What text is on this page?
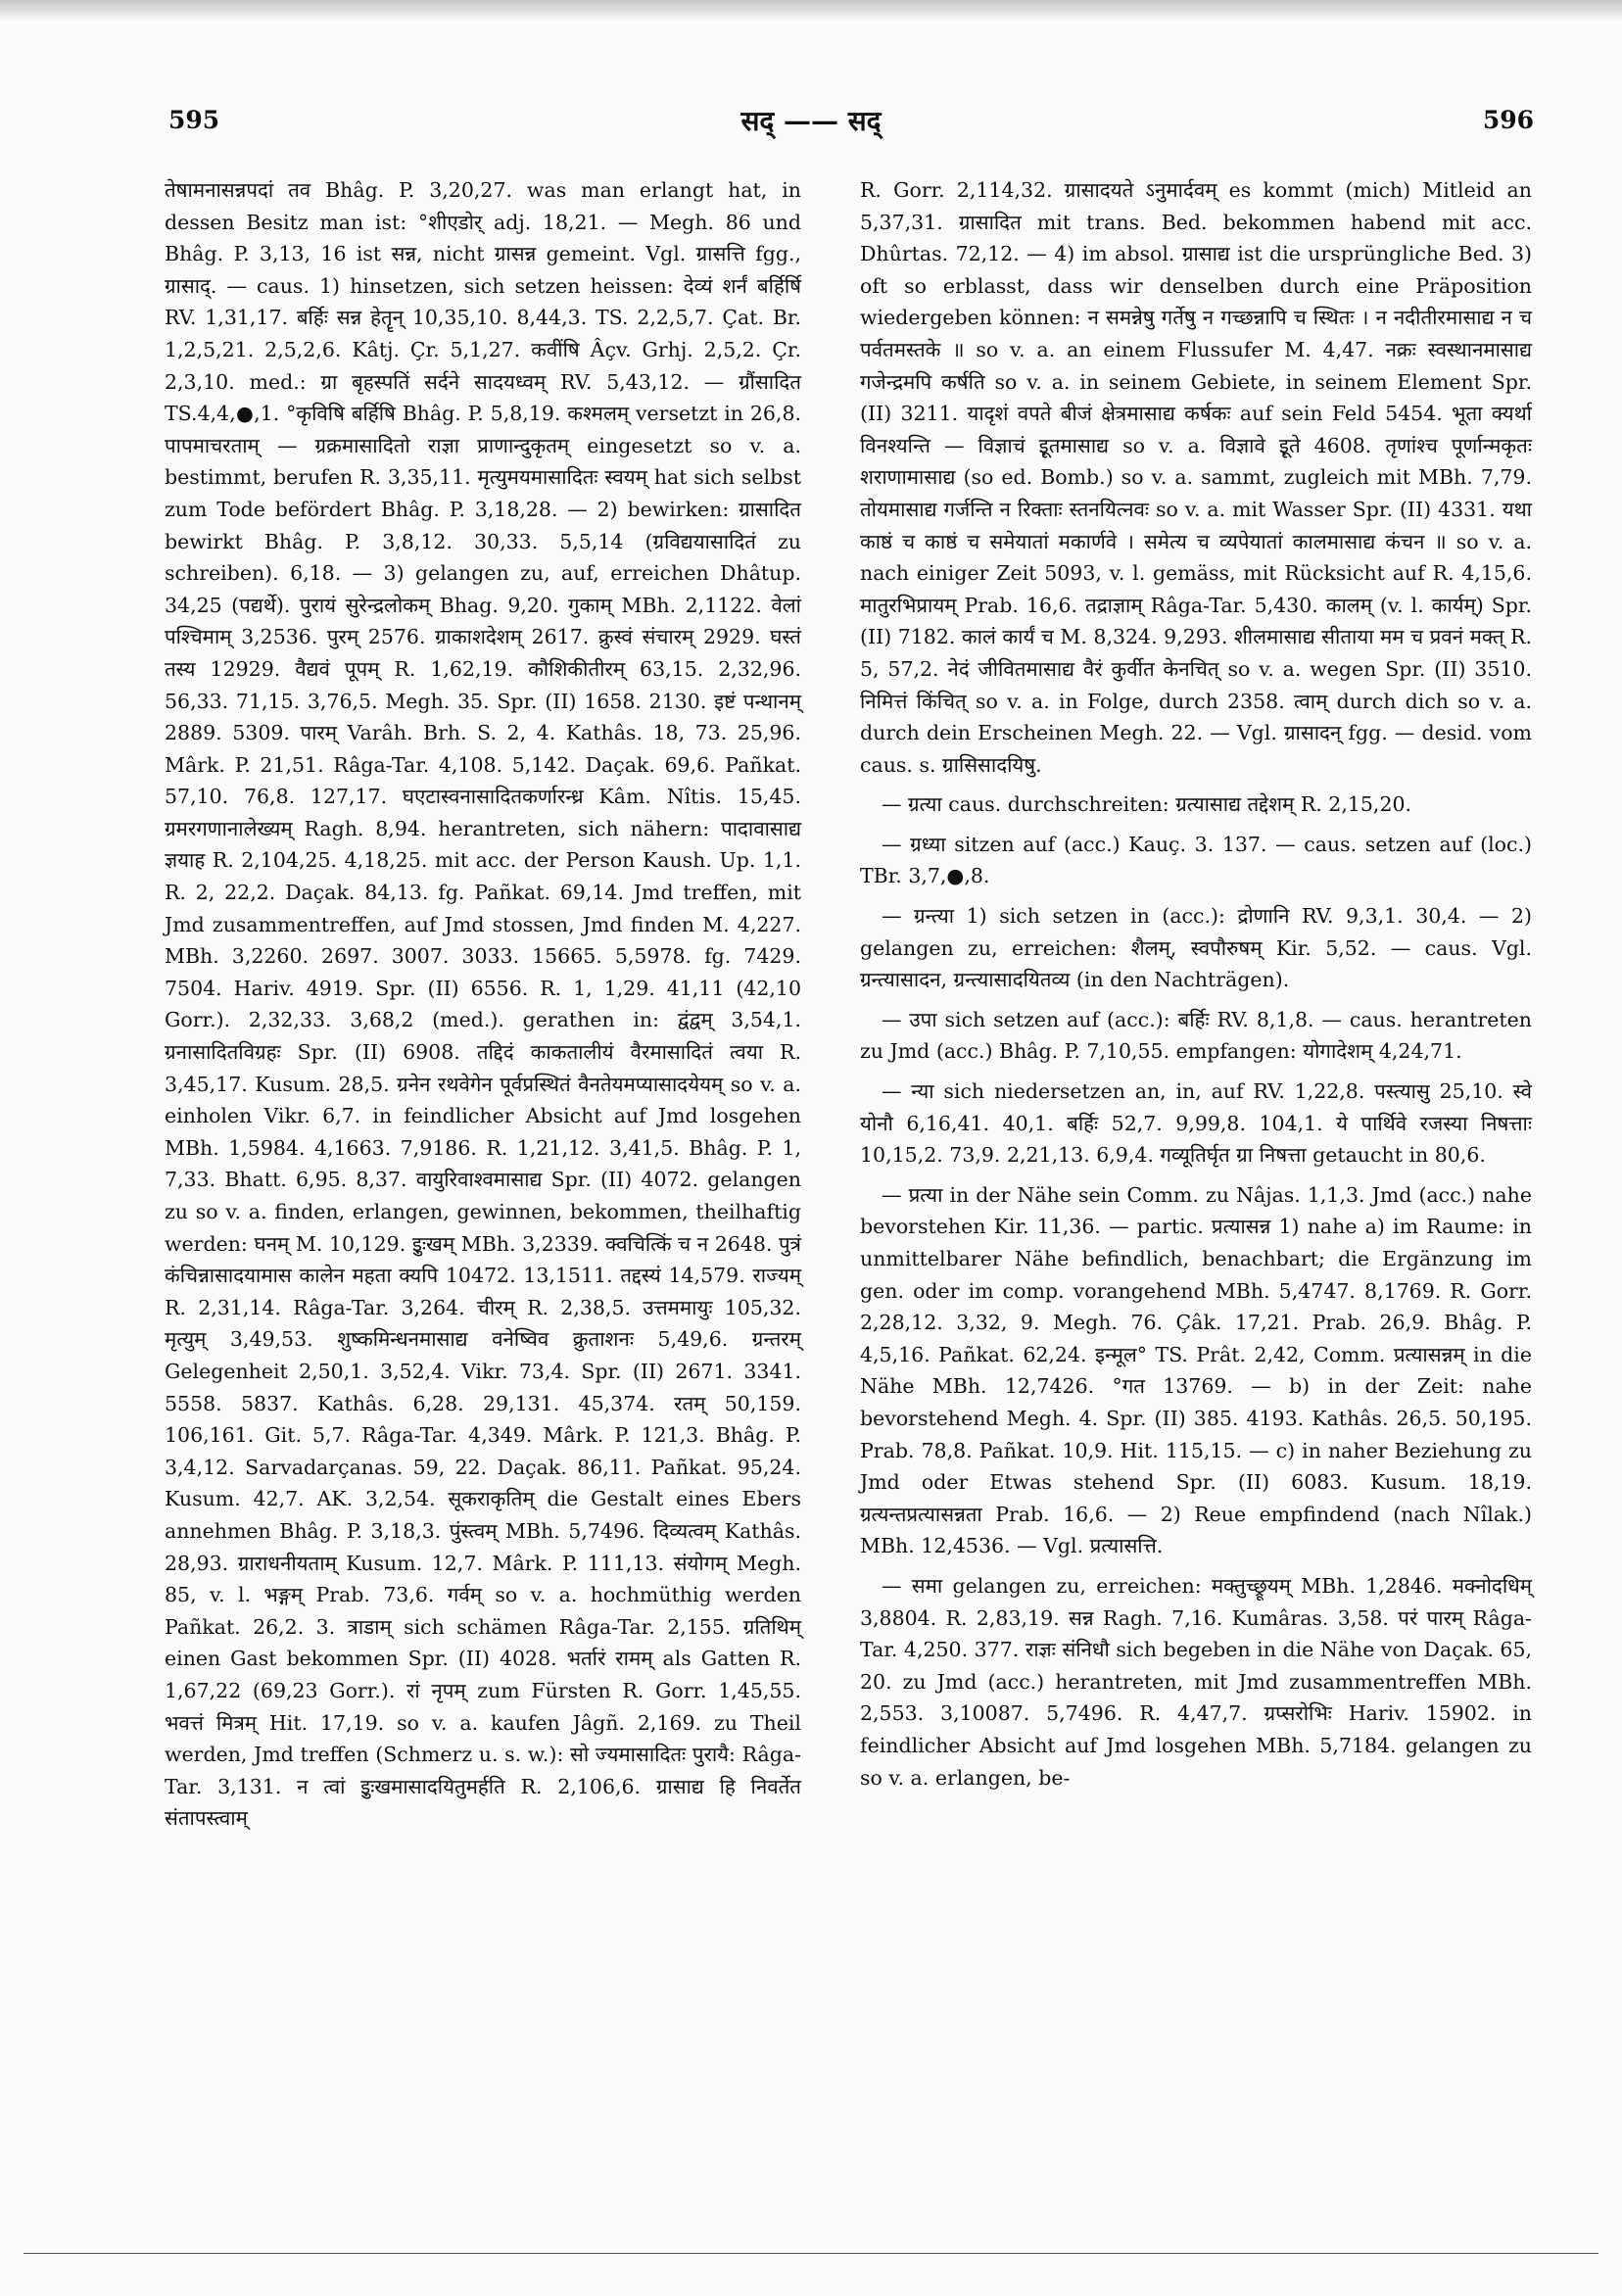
595	सद् —— सद्	596

तेषामनासन्नपदां तव Bhâg. P. 3,20,27. was man erlangt hat, in dessen Besitz man ist: °शीएडोर् adj. 18,21. — Megh. 86 und Bhâg. P. 3,13, 16 ist सन्न, nicht ग्रासन्न gemeint. Vgl. ग्रासत्ति fgg., ग्रासाद्. — caus. 1) hinsetzen, sich setzen heissen: देव्यं शर्नं बर्हिर्षि RV. 1,31,17. बर्हिः सन्न हेतॄन् 10,35,10. 8,44,3. TS. 2,2,5,7. Çat. Br. 1,2,5,21. 2,5,2,6. Kâtj. Çr. 5,1,27. कवींषि Âçv. Grhj. 2,5,2. Çr. 2,3,10. med.: ग्रा बृहस्पतिं सर्दने सादयध्वम् RV. 5,43,12. — ग्रौंसादित TS.4,4,●,1. °कृविषि बर्हिषि Bhâg. P. 5,8,19. कश्मलम् versetzt in 26,8. पापमाचरताम् — ग्रक्रमासादितो राज्ञा प्राणान्दुकृतम् eingesetzt so v. a. bestimmt, berufen R. 3,35,11. मृत्युमयमासादितः स्वयम् hat sich selbst zum Tode befördert Bhâg. P. 3,18,28. — 2) bewirken: ग्रासादित bewirkt Bhâg. P. 3,8,12. 30,33. 5,5,14 (ग्रविद्ययासादितं zu schreiben). 6,18. — 3) gelangen zu, auf, erreichen Dhâtup. 34,25 (पद्यर्थे). पुरायं सुरेन्द्रलोकम् Bhag. 9,20. गुकाम् MBh. 2,1122. वेलां पश्चिमाम् 3,2536. पुरम् 2576. ग्राकाशदेशम् 2617. क्रुस्वं संचारम् 2929. घस्तं तस्य 12929. वैद्यवं पूपम् R. 1,62,19. कौशिकीतीरम् 63,15. 2,32,96. 56,33. 71,15. 3,76,5. Megh. 35. Spr. (II) 1658. 2130. इष्टं पन्थानम् 2889. 5309. पारम् Varâh. Brh. S. 2, 4. Kathâs. 18, 73. 25,96. Mârk. P. 21,51. Râga-Tar. 4,108. 5,142. Daçak. 69,6. Pañkat. 57,10. 76,8. 127,17. घएटास्वनासादितकर्णारन्ध्र Kâm. Nîtis. 15,45. ग्रमरगणानालेख्यम् Ragh. 8,94. herantreten, sich nähern: पादावासाद्य ज्ञयाह R. 2,104,25. 4,18,25. mit acc. der Person Kaush. Up. 1,1. R. 2, 22,2. Daçak. 84,13. fg. Pañkat. 69,14. Jmd treffen, mit Jmd zusammentreffen, auf Jmd stossen, Jmd finden M. 4,227. MBh. 3,2260. 2697. 3007. 3033. 15665. 5,5978. fg. 7429. 7504. Hariv. 4919. Spr. (II) 6556. R. 1, 1,29. 41,11 (42,10 Gorr.). 2,32,33. 3,68,2 (med.). gerathen in: द्वंद्वम् 3,54,1. ग्रनासादितविग्रहः Spr. (II) 6908. तद्दिदं काकतालीयं वैरमासादितं त्वया R. 3,45,17. Kusum. 28,5. ग्रनेन रथवेगेन पूर्वप्रस्थितं वैनतेयमप्यासादयेयम् so v. a. einholen Vikr. 6,7. in feindlicher Absicht auf Jmd losgehen MBh. 1,5984. 4,1663. 7,9186. R. 1,21,12. 3,41,5. Bhâg. P. 1, 7,33. Bhatt. 6,95. 8,37. वायुरिवाश्वमासाद्य Spr. (II) 4072. gelangen zu so v. a. finden, erlangen, gewinnen, bekommen, theilhaftig werden: घनम् M. 10,129. इुःखम् MBh. 3,2339. क्वचित्किं च न 2648. पुत्रं कंचिन्नासादयामास कालेन महता क्यपि 10472. 13,1511. तद्दस्यं 14,579. राज्यम् R. 2,31,14. Râga-Tar. 3,264. चीरम् R. 2,38,5. उत्तममायुः 105,32. मृत्युम् 3,49,53. शुष्कमिन्धनमासाद्य वनेष्विव क्रुताशनः 5,49,6. ग्रन्तरम् Gelegenheit 2,50,1. 3,52,4. Vikr. 73,4. Spr. (II) 2671. 3341. 5558. 5837. Kathâs. 6,28. 29,131. 45,374. रतम् 50,159. 106,161. Git. 5,7. Râga-Tar. 4,349. Mârk. P. 121,3. Bhâg. P. 3,4,12. Sarvadarçanas. 59, 22. Daçak. 86,11. Pañkat. 95,24. Kusum. 42,7. AK. 3,2,54. सूकराकृतिम् die Gestalt eines Ebers annehmen Bhâg. P. 3,18,3. पुंस्त्वम् MBh. 5,7496. दिव्यत्वम् Kathâs. 28,93. ग्राराधनीयताम् Kusum. 12,7. Mârk. P. 111,13. संयोगम् Megh. 85, v. l. भङ्गम् Prab. 73,6. गर्वम् so v. a. hochmüthig werden Pañkat. 26,2. 3. त्राडाम् sich schämen Râga-Tar. 2,155. ग्रतिथिम् einen Gast bekommen Spr. (II) 4028. भर्तारं रामम् als Gatten R. 1,67,22 (69,23 Gorr.). रां नृपम् zum Fürsten R. Gorr. 1,45,55. भवत्तं मित्रम् Hit. 17,19. so v. a. kaufen Jâgñ. 2,169. zu Theil werden, Jmd treffen (Schmerz u. s. w.): सो ज्यमासादितः पुरायै: Râga-Tar. 3,131. न त्वां इुःखमासादयितुमर्हति R. 2,106,6. ग्रासाद्य हि निवर्तेत संतापस्त्वाम्

R. Gorr. 2,114,32. ग्रासादयते ऽनुमार्दवम् es kommt (mich) Mitleid an 5,37,31. ग्रासादित mit trans. Bed. bekommen habend mit acc. Dhûrtas. 72,12. — 4) im absol. ग्रासाद्य ist die ursprüngliche Bed. 3) oft so erblasst, dass wir denselben durch eine Präposition wiedergeben können: न समन्नेषु गर्तेषु न गच्छन्नापि च स्थितः । न नदीतीरमासाद्य न च पर्वतमस्तके ॥ so v. a. an einem Flussufer M. 4,47. नक्रः स्वस्थानमासाद्य गजेन्द्रमपि कर्षति so v. a. in seinem Gebiete, in seinem Element Spr. (II) 3211. यादृशं वपते बीजं क्षेत्रमासाद्य कर्षकः auf sein Feld 5454. भूता क्यर्था विनश्यन्ति — विज्ञाचं इूतमासाद्य so v. a. विज्ञावे इूते 4608. तृणांश्च पूर्णान्मकृतः शराणामासाद्य (so ed. Bomb.) so v. a. sammt, zugleich mit MBh. 7,79. तोयमासाद्य गर्जन्ति न रिक्ताः स्तनयित्नवः so v. a. mit Wasser Spr. (II) 4331. यथा काष्ठं च काष्ठं च समेयातां मकार्णवे । समेत्य च व्यपेयातां कालमासाद्य कंचन ॥ so v. a. nach einiger Zeit 5093, v. l. gemäss, mit Rücksicht auf R. 4,15,6. मातुरभिप्रायम् Prab. 16,6. तद्राज्ञाम् Râga-Tar. 5,430. कालम् (v. l. कार्यम्) Spr. (II) 7182. कालं कार्यं च M. 8,324. 9,293. शीलमासाद्य सीताया मम च प्रवनं मक्त् R. 5, 57,2. नेदं जीवितमासाद्य वैरं कुर्वीत केनचित् so v. a. wegen Spr. (II) 3510. निमित्तं किंचित् so v. a. in Folge, durch 2358. त्वाम् durch dich so v. a. durch dein Erscheinen Megh. 22. — Vgl. ग्रासादन् fgg. — desid. vom caus. s. ग्रासिसादयिषु.

— ग्रत्या caus. durchschreiten: ग्रत्यासाद्य तद्देशम् R. 2,15,20.

— ग्रध्या sitzen auf (acc.) Kauç. 3. 137. — caus. setzen auf (loc.) TBr. 3,7,●,8.

— ग्रन्त्या 1) sich setzen in (acc.): द्रोणानि RV. 9,3,1. 30,4. — 2) gelangen zu, erreichen: शैलम्, स्वपौरुषम् Kir. 5,52. — caus. Vgl. ग्रन्त्यासादन, ग्रन्त्यासादयितव्य (in den Nachträgen).

— उपा sich setzen auf (acc.): बर्हिः RV. 8,1,8. — caus. herantreten zu Jmd (acc.) Bhâg. P. 7,10,55. empfangen: योगादेशम् 4,24,71.

— न्या sich niedersetzen an, in, auf RV. 1,22,8. पस्त्यासु 25,10. स्वे योनौ 6,16,41. 40,1. बर्हिः 52,7. 9,99,8. 104,1. ये पार्थिवे रजस्या निषत्ताः 10,15,2. 73,9. 2,21,13. 6,9,4. गव्यूतिर्घृत ग्रा निषत्ता getaucht in 80,6.

— प्रत्या in der Nähe sein Comm. zu Nâjas. 1,1,3. Jmd (acc.) nahe bevorstehen Kir. 11,36. — partic. प्रत्यासन्न 1) nahe a) im Raume: in unmittelbarer Nähe befindlich, benachbart; die Ergänzung im gen. oder im comp. vorangehend MBh. 5,4747. 8,1769. R. Gorr. 2,28,12. 3,32, 9. Megh. 76. Çâk. 17,21. Prab. 26,9. Bhâg. P. 4,5,16. Pañkat. 62,24. इन्मूल° TS. Prât. 2,42, Comm. प्रत्यासन्नम् in die Nähe MBh. 12,7426. °गत 13769. — b) in der Zeit: nahe bevorstehend Megh. 4. Spr. (II) 385. 4193. Kathâs. 26,5. 50,195. Prab. 78,8. Pañkat. 10,9. Hit. 115,15. — c) in naher Beziehung zu Jmd oder Etwas stehend Spr. (II) 6083. Kusum. 18,19. ग्रत्यन्तप्रत्यासन्नता Prab. 16,6. — 2) Reue empfindend (nach Nîlak.) MBh. 12,4536. — Vgl. प्रत्यासत्ति.

— समा gelangen zu, erreichen: मक्तुच्छ्रूयम् MBh. 1,2846. मक्नोदधिम् 3,8804. R. 2,83,19. सन्न Ragh. 7,16. Kumâras. 3,58. परं पारम् Râga-Tar. 4,250. 377. राज्ञः संनिधौ sich begeben in die Nähe von Daçak. 65, 20. zu Jmd (acc.) herantreten, mit Jmd zusammentreffen MBh. 2,553. 3,10087. 5,7496. R. 4,47,7. ग्रप्सरोभिः Hariv. 15902. in feindlicher Absicht auf Jmd losgehen MBh. 5,7184. gelangen zu so v. a. erlangen, be-
